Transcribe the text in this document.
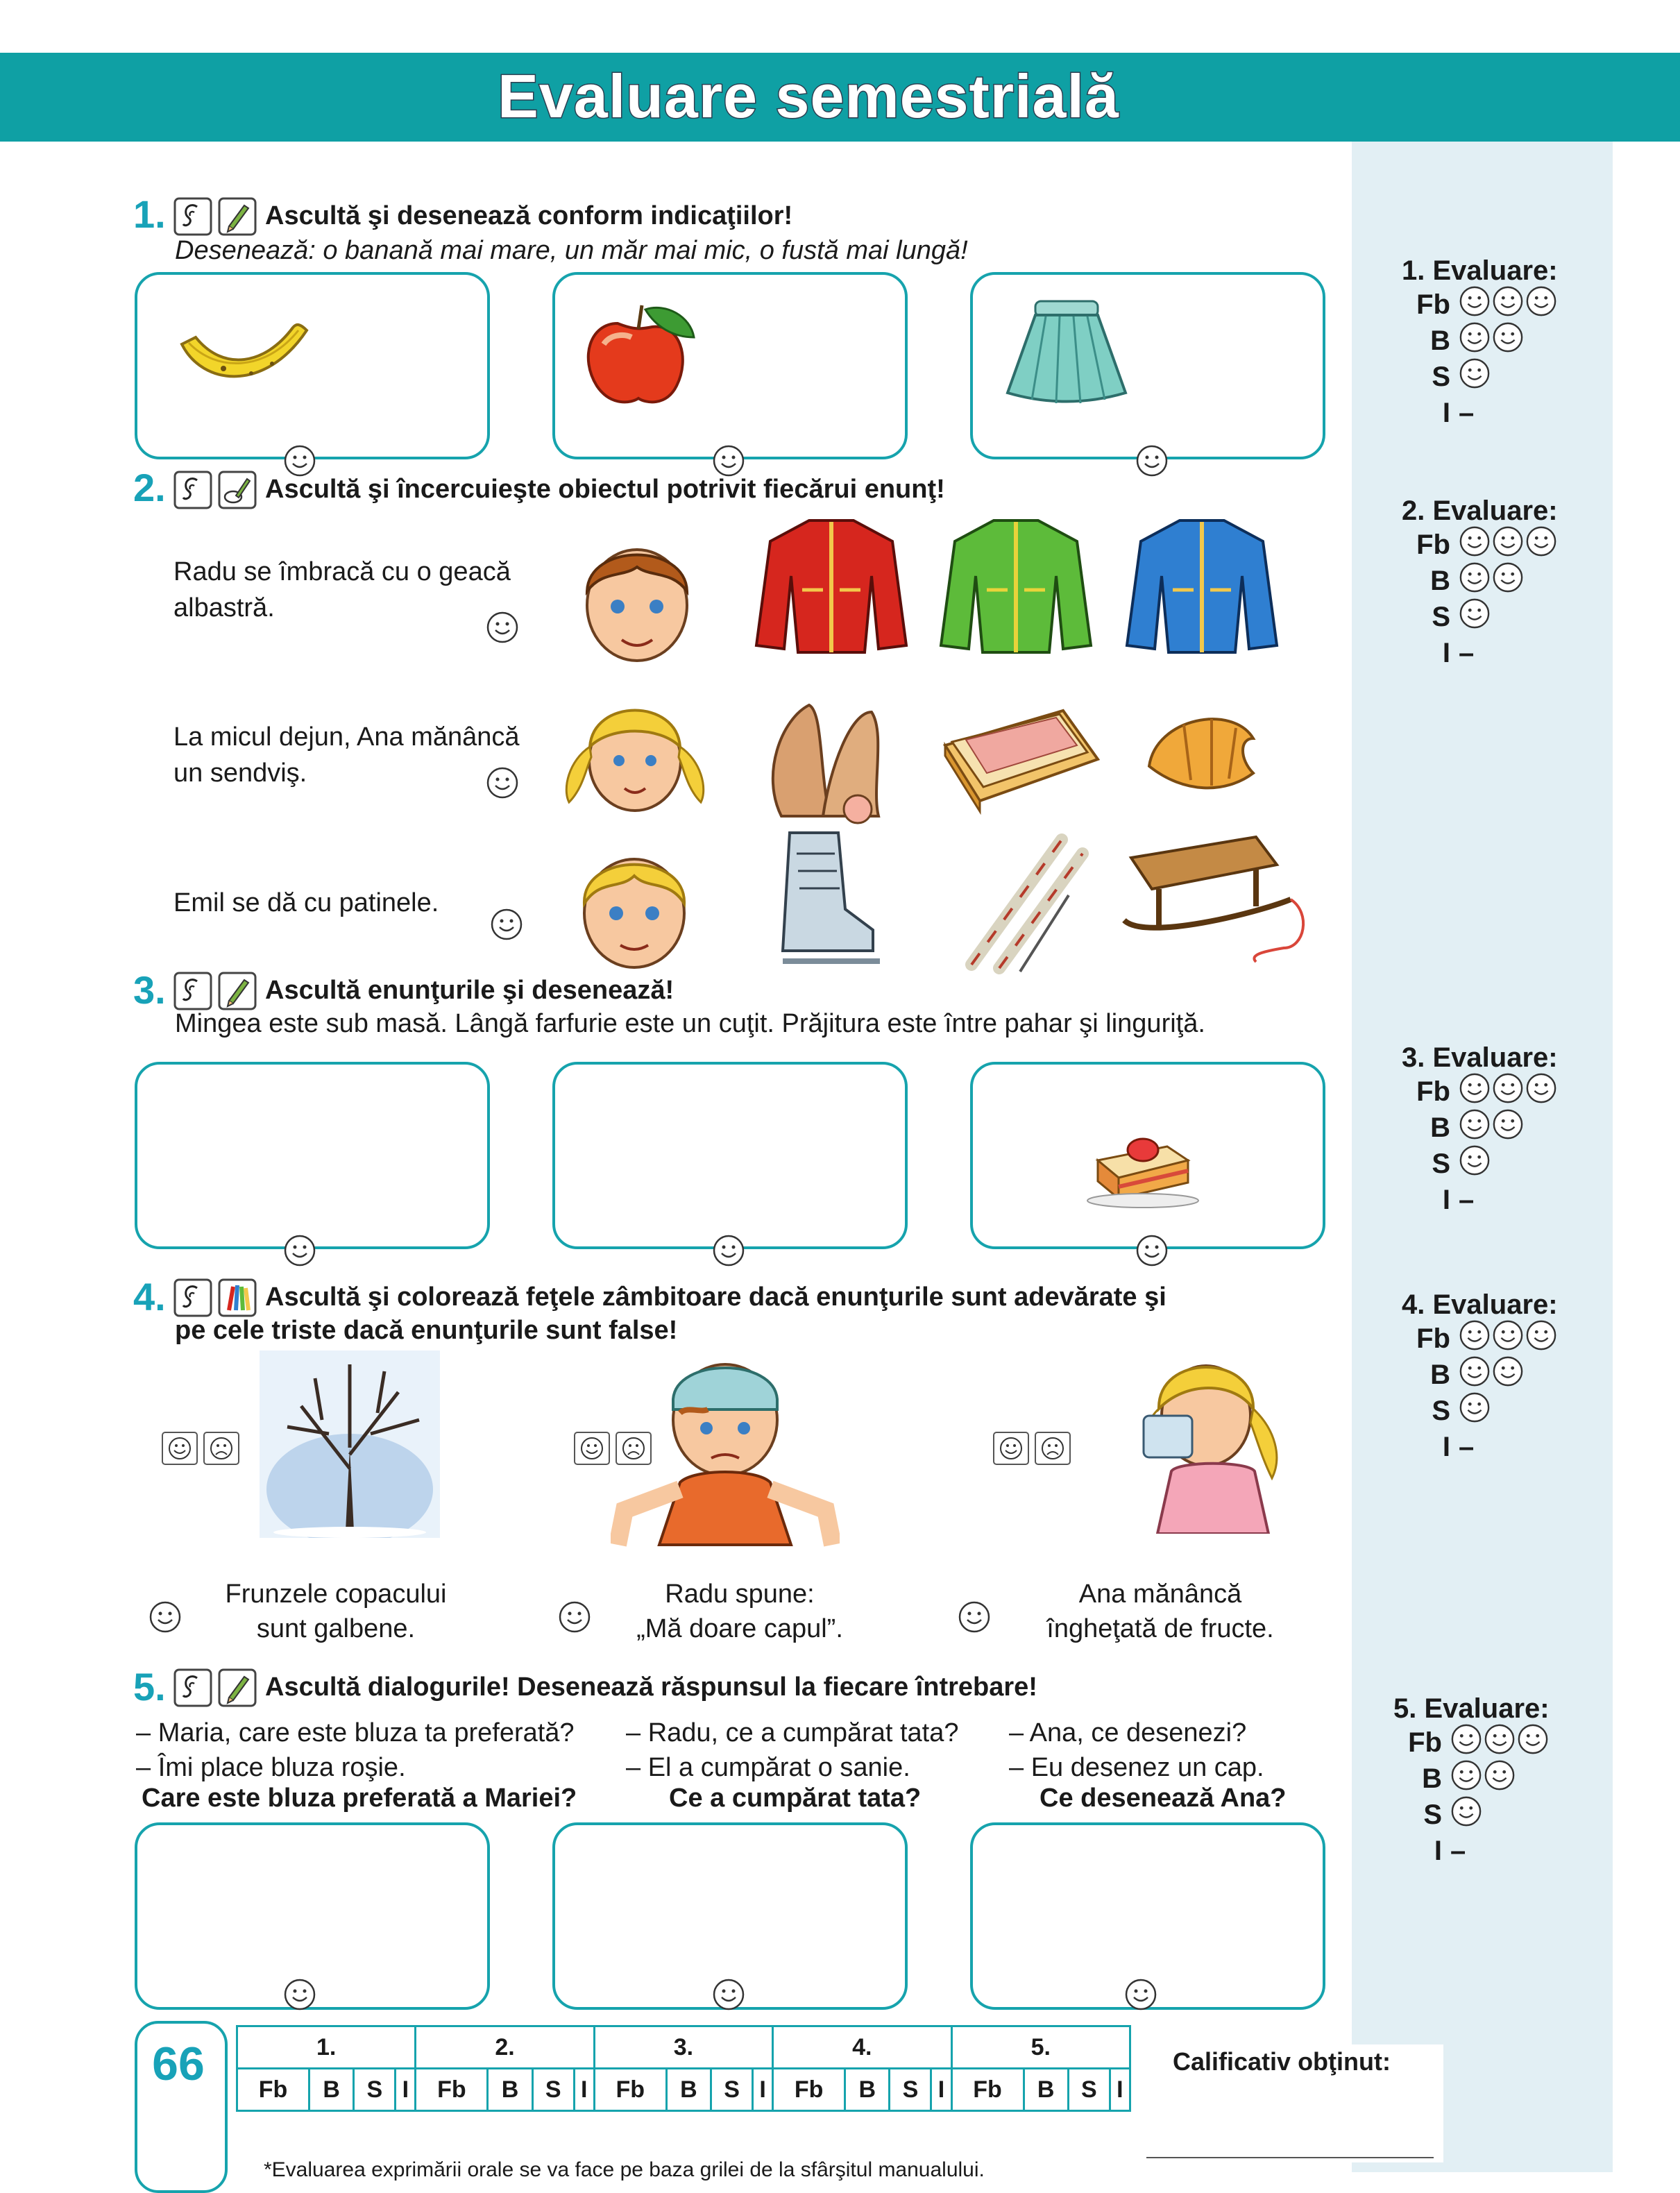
Evaluare semestrială
1. Evaluare:
Fb
B
S
I –
2. Evaluare:
Fb
B
S
I –
3. Evaluare:
Fb
B
S
I –
4. Evaluare:
Fb
B
S
I –
5. Evaluare:
Fb
B
S
I –
1.	Ascultă şi desenează conform indicaţiilor!
Desenează: o banană mai mare, un măr mai mic, o fustă mai lungă!
2.	Ascultă şi încercuieşte obiectul potrivit fiecărui enunţ!
Radu se îmbracă cu o geacă
albastră.
La micul dejun, Ana mănâncă
un sendviş.
Emil se dă cu patinele.
3.	Ascultă enunţurile şi desenează!
Mingea este sub masă. Lângă farfurie este un cuţit. Prăjitura este între pahar şi linguriţă.
4.	Ascultă şi colorează feţele zâmbitoare dacă enunţurile sunt adevărate şi
pe cele triste dacă enunţurile sunt false!
Frunzele copacului
sunt galbene.
Radu spune:
„Mă doare capul”.
Ana mănâncă
îngheţată de fructe.
5.	Ascultă dialogurile! Desenează răspunsul la fiecare întrebare!
– Maria, care este bluza ta preferată?
– Îmi place bluza roşie.
Care este bluza preferată a Mariei?
– Radu, ce a cumpărat tata?
– El a cumpărat o sanie.
Ce a cumpărat tata?
– Ana, ce desenezi?
– Eu desenez un cap.
Ce desenează Ana?
66	1.				2.				3.				4.				5.			
Fb	B	S	I	Fb	B	S	I	Fb	B	S	I	Fb	B	S	I	Fb	B	S	I
*Evaluarea exprimării orale se va face pe baza grilei de la sfârşitul manualului.
Calificativ obţinut:
